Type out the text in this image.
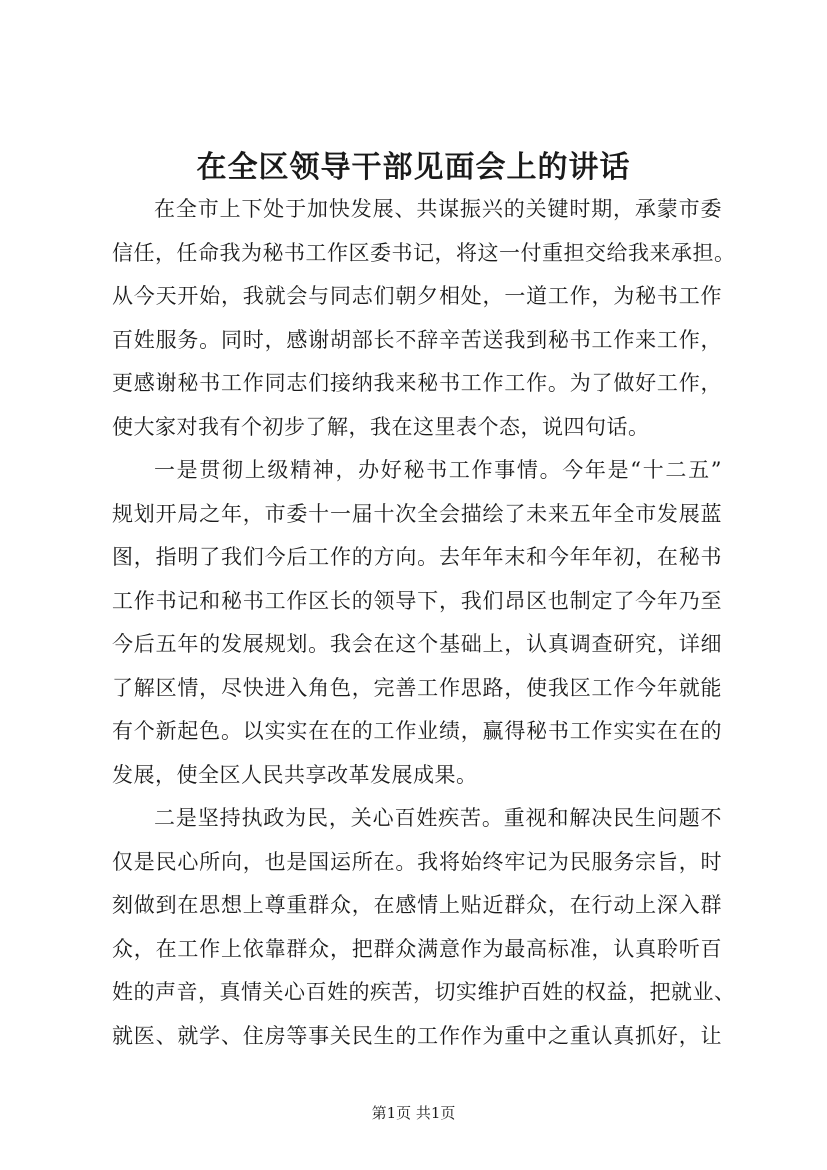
在全区领导干部见面会上的讲话
在全市上下处于加快发展、共谋振兴的关键时期，承蒙市委
信任，任命我为秘书工作区委书记，将这一付重担交给我来承担。
从今天开始，我就会与同志们朝夕相处，一道工作，为秘书工作
百姓服务。同时，感谢胡部长不辞辛苦送我到秘书工作来工作，
更感谢秘书工作同志们接纳我来秘书工作工作。为了做好工作，
使大家对我有个初步了解，我在这里表个态，说四句话。
一是贯彻上级精神，办好秘书工作事情。今年是“十二五”
规划开局之年，市委十一届十次全会描绘了未来五年全市发展蓝
图，指明了我们今后工作的方向。去年年末和今年年初，在秘书
工作书记和秘书工作区长的领导下，我们昂区也制定了今年乃至
今后五年的发展规划。我会在这个基础上，认真调查研究，详细
了解区情，尽快进入角色，完善工作思路，使我区工作今年就能
有个新起色。以实实在在的工作业绩，赢得秘书工作实实在在的
发展，使全区人民共享改革发展成果。
二是坚持执政为民，关心百姓疾苦。重视和解决民生问题不
仅是民心所向，也是国运所在。我将始终牢记为民服务宗旨，时
刻做到在思想上尊重群众，在感情上贴近群众，在行动上深入群
众，在工作上依靠群众，把群众满意作为最高标准，认真聆听百
姓的声音，真情关心百姓的疾苦，切实维护百姓的权益，把就业、
就医、就学、住房等事关民生的工作作为重中之重认真抓好，让
第1页 共1页
